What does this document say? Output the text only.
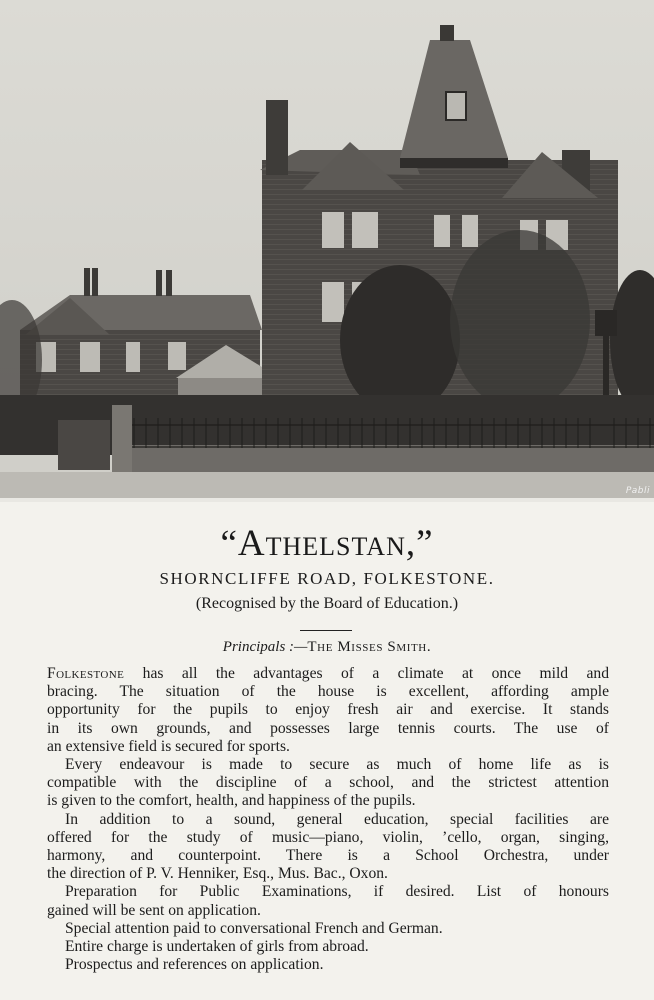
Pabli
“Athelstan,”
SHORNCLIFFE ROAD, FOLKESTONE.
(Recognised by the Board of Education.)
Principals :—The Misses Smith.
Folkestone has all the advantages of a climate at once mild and
bracing. The situation of the house is excellent, affording ample
opportunity for the pupils to enjoy fresh air and exercise. It stands
in its own grounds, and possesses large tennis courts. The use of
an extensive field is secured for sports.
Every endeavour is made to secure as much of home life as is
compatible with the discipline of a school, and the strictest attention
is given to the comfort, health, and happiness of the pupils.
In addition to a sound, general education, special facilities are
offered for the study of music—piano, violin, ’cello, organ, singing,
harmony, and counterpoint. There is a School Orchestra, under
the direction of P. V. Henniker, Esq., Mus. Bac., Oxon.
Preparation for Public Examinations, if desired. List of honours
gained will be sent on application.
Special attention paid to conversational French and German.
Entire charge is undertaken of girls from abroad.
Prospectus and references on application.
